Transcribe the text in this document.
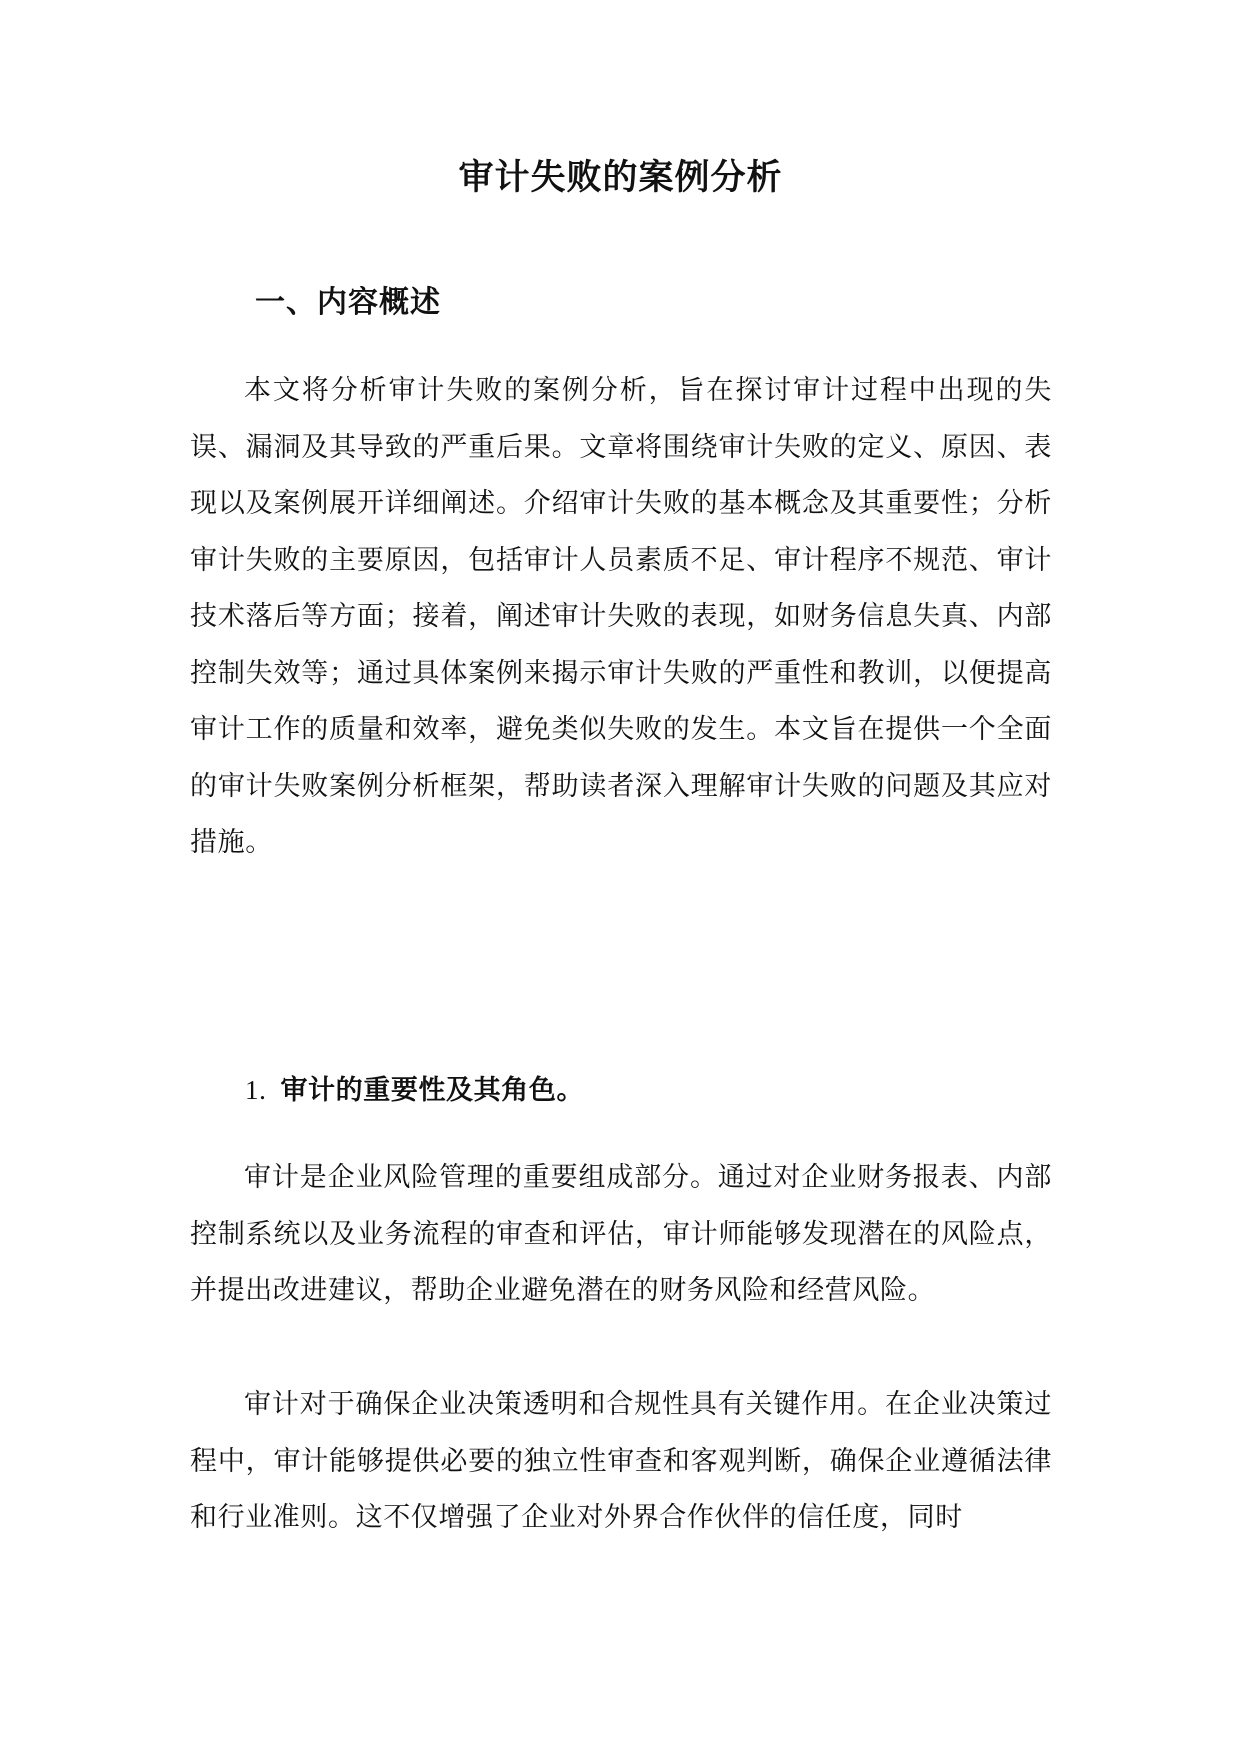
审计失败的案例分析
一、内容概述

本文将分析审计失败的案例分析，旨在探讨审计过程中出现的失误、漏洞及其导致的严重后果。文章将围绕审计失败的定义、原因、表现以及案例展开详细阐述。介绍审计失败的基本概念及其重要性；分析审计失败的主要原因，包括审计人员素质不足、审计程序不规范、审计技术落后等方面；接着，阐述审计失败的表现，如财务信息失真、内部控制失效等；通过具体案例来揭示审计失败的严重性和教训，以便提高审计工作的质量和效率，避免类似失败的发生。本文旨在提供一个全面的审计失败案例分析框架，帮助读者深入理解审计失败的问题及其应对措施。

1. 审计的重要性及其角色。

审计是企业风险管理的重要组成部分。通过对企业财务报表、内部控制系统以及业务流程的审查和评估，审计师能够发现潜在的风险点，并提出改进建议，帮助企业避免潜在的财务风险和经营风险。

审计对于确保企业决策透明和合规性具有关键作用。在企业决策过程中，审计能够提供必要的独立性审查和客观判断，确保企业遵循法律和行业准则。这不仅增强了企业对外界合作伙伴的信任度，同时
